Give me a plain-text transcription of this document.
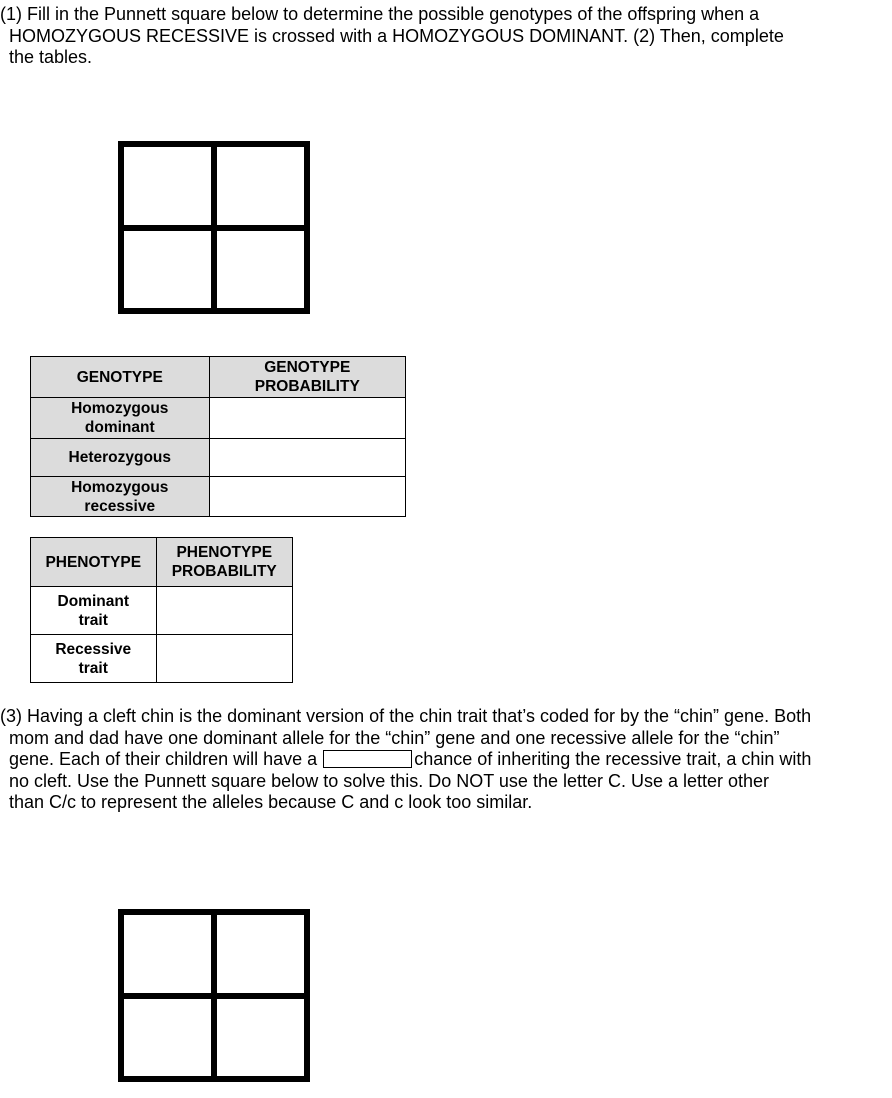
(1) Fill in the Punnett square below to determine the possible genotypes of the offspring when a
HOMOZYGOUS RECESSIVE is crossed with a HOMOZYGOUS DOMINANT. (2) Then, complete
the tables.
GENOTYPE	GENOTYPE
PROBABILITY

Homozygous
dominant	

Heterozygous	

Homozygous
recessive	

PHENOTYPE	PHENOTYPE
PROBABILITY

Dominant
trait	

Recessive
trait	

(3) Having a cleft chin is the dominant version of the chin trait that’s coded for by the “chin” gene. Both
mom and dad have one dominant allele for the “chin” gene and one recessive allele for the “chin”
gene. Each of their children will have a	chance of inheriting the recessive trait, a chin with
no cleft. Use the Punnett square below to solve this. Do NOT use the letter C. Use a letter other
than C/c to represent the alleles because C and c look too similar.
